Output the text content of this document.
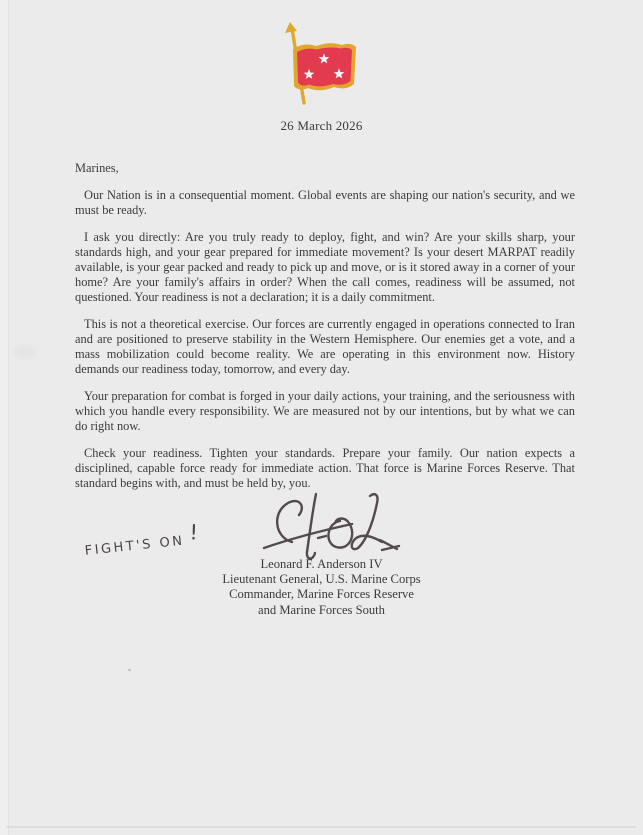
26 March 2026

Marines,

Our Nation is in a consequential moment. Global events are shaping our nation's security, and we must be ready.

I ask you directly: Are you truly ready to deploy, fight, and win? Are your skills sharp, your standards high, and your gear prepared for immediate movement? Is your desert MARPAT readily available, is your gear packed and ready to pick up and move, or is it stored away in a corner of your home? Are your family's affairs in order? When the call comes, readiness will be assumed, not questioned. Your readiness is not a declaration; it is a daily commitment.

This is not a theoretical exercise. Our forces are currently engaged in operations connected to Iran and are positioned to preserve stability in the Western Hemisphere. Our enemies get a vote, and a mass mobilization could become reality. We are operating in this environment now. History demands our readiness today, tomorrow, and every day.

Your preparation for combat is forged in your daily actions, your training, and the seriousness with which you handle every responsibility. We are measured not by our intentions, but by what we can do right now.

Check your readiness. Tighten your standards. Prepare your family. Our nation expects a disciplined, capable force ready for immediate action. That force is Marine Forces Reserve. That standard begins with, and must be held by, you.

FIGHT'S ON!
Leonard F. Anderson IV
Lieutenant General, U.S. Marine Corps
Commander, Marine Forces Reserve
and Marine Forces South
